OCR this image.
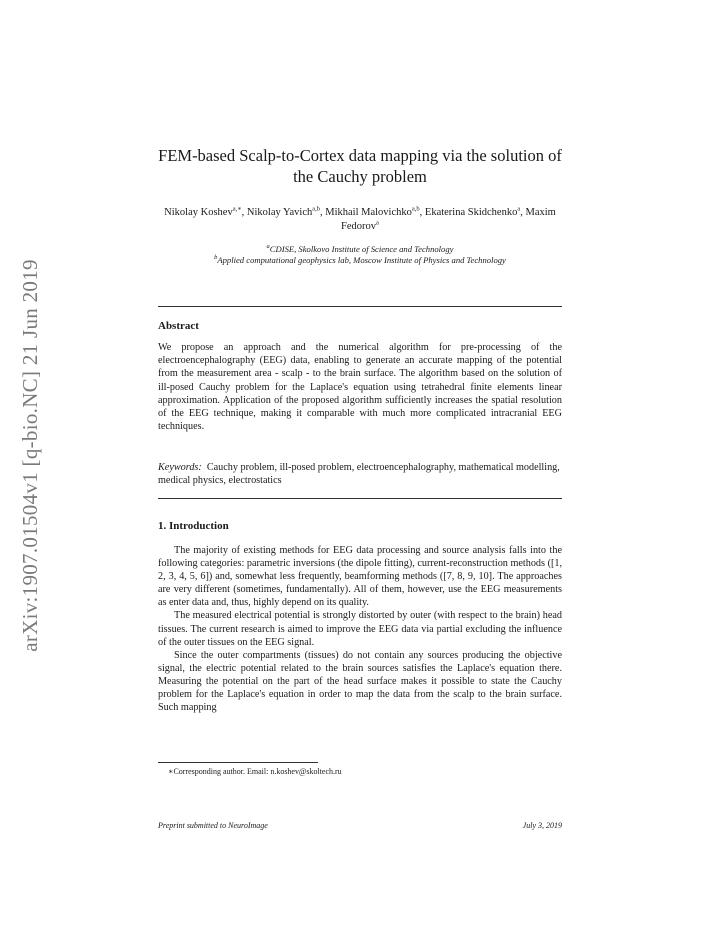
arXiv:1907.01504v1 [q-bio.NC] 21 Jun 2019
FEM-based Scalp-to-Cortex data mapping via the solution of the Cauchy problem
Nikolay Koshev$^{a,∗}$, Nikolay Yavich$^{a,b}$, Mikhail Malovichko$^{a,b}$, Ekaterina Skidchenko$^a$, Maxim Fedorov$^a$
$^a$CDISE, Skolkovo Institute of Science and Technology
$^b$Applied computational geophysics lab, Moscow Institute of Physics and Technology
Abstract

We propose an approach and the numerical algorithm for pre-processing of the electroencephalography (EEG) data, enabling to generate an accurate mapping of the potential from the measurement area - scalp - to the brain surface. The algorithm based on the solution of ill-posed Cauchy problem for the Laplace's equation using tetrahedral finite elements linear approximation. Application of the proposed algorithm sufficiently increases the spatial resolution of the EEG technique, making it comparable with much more complicated intracranial EEG techniques.

Keywords: Cauchy problem, ill-posed problem, electroencephalography, mathematical modelling, medical physics, electrostatics

1. Introduction

The majority of existing methods for EEG data processing and source analysis falls into the following categories: parametric inversions (the dipole fitting), current-reconstruction methods ([1, 2, 3, 4, 5, 6]) and, somewhat less frequently, beamforming methods ([7, 8, 9, 10]. The approaches are very different (sometimes, fundamentally). All of them, however, use the EEG measurements as enter data and, thus, highly depend on its quality.

The measured electrical potential is strongly distorted by outer (with respect to the brain) head tissues. The current research is aimed to improve the EEG data via partial excluding the influence of the outer tissues on the EEG signal.

Since the outer compartments (tissues) do not contain any sources producing the objective signal, the electric potential related to the brain sources satisfies the Laplace's equation there. Measuring the potential on the part of the head surface makes it possible to state the Cauchy problem for the Laplace's equation in order to map the data from the scalp to the brain surface. Such mapping

∗Corresponding author. Email: n.koshev@skoltech.ru
Preprint submitted to NeuroImage	July 3, 2019
